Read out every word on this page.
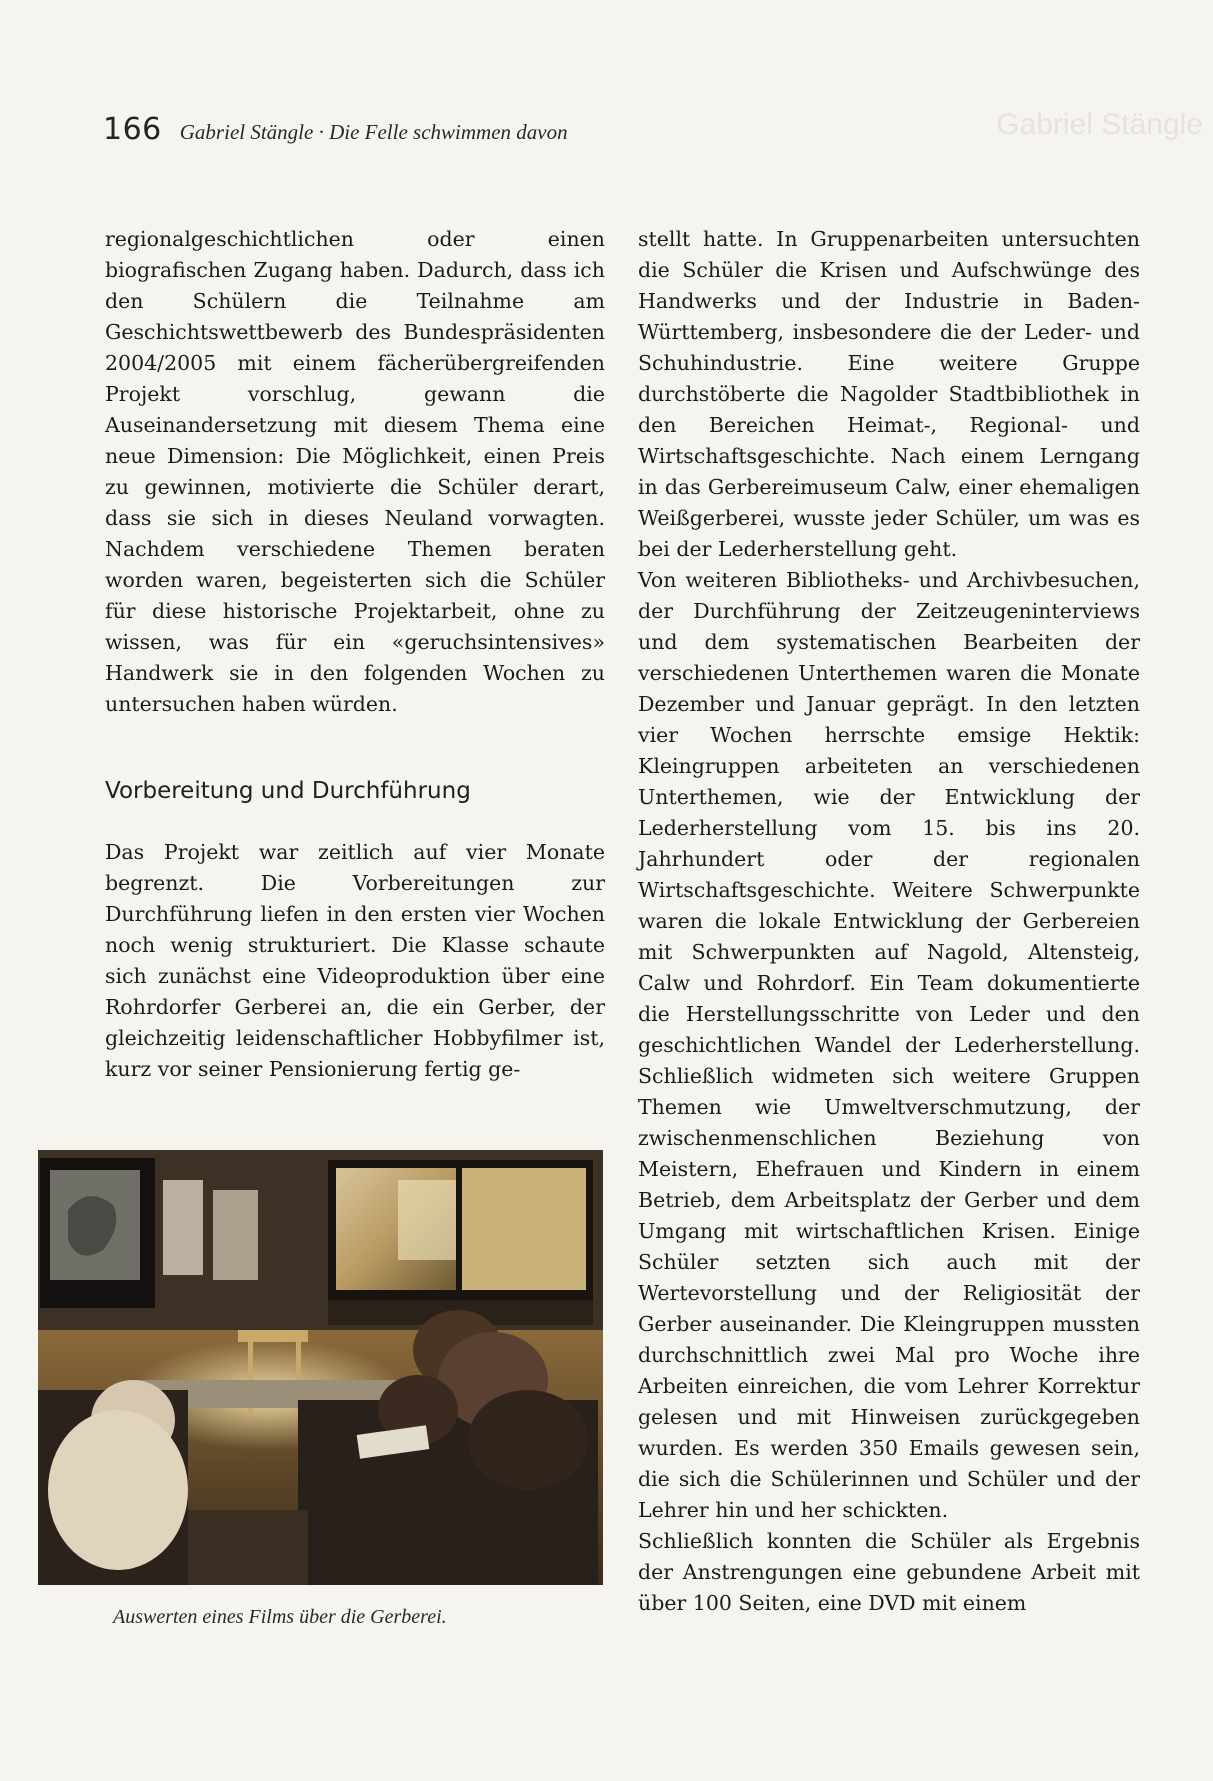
166 Gabriel Stängle · Die Felle schwimmen davon	Gabriel Stängle

regionalgeschichtlichen oder einen biografischen Zugang haben. Dadurch, dass ich den Schülern die Teilnahme am Geschichtswettbewerb des Bundespräsidenten 2004/2005 mit einem fächerübergreifenden Projekt vorschlug, gewann die Auseinandersetzung mit diesem Thema eine neue Dimension: Die Möglichkeit, einen Preis zu gewinnen, motivierte die Schüler derart, dass sie sich in dieses Neuland vorwagten. Nachdem verschiedene Themen beraten worden waren, begeisterten sich die Schüler für diese historische Projektarbeit, ohne zu wissen, was für ein «geruchsintensives» Handwerk sie in den folgenden Wochen zu untersuchen haben würden.

Vorbereitung und Durchführung

Das Projekt war zeitlich auf vier Monate begrenzt. Die Vorbereitungen zur Durchführung liefen in den ersten vier Wochen noch wenig strukturiert. Die Klasse schaute sich zunächst eine Videoproduktion über eine Rohrdorfer Gerberei an, die ein Gerber, der gleichzeitig leidenschaftlicher Hobbyfilmer ist, kurz vor seiner Pensionierung fertig ge-

Auswerten eines Films über die Gerberei.

stellt hatte. In Gruppenarbeiten untersuchten die Schüler die Krisen und Aufschwünge des Handwerks und der Industrie in Baden-Württemberg, insbesondere die der Leder- und Schuhindustrie. Eine weitere Gruppe durchstöberte die Nagolder Stadtbibliothek in den Bereichen Heimat-, Regional- und Wirtschaftsgeschichte. Nach einem Lerngang in das Gerbereimuseum Calw, einer ehemaligen Weißgerberei, wusste jeder Schüler, um was es bei der Lederherstellung geht.

Von weiteren Bibliotheks- und Archivbesuchen, der Durchführung der Zeitzeugeninterviews und dem systematischen Bearbeiten der verschiedenen Unterthemen waren die Monate Dezember und Januar geprägt. In den letzten vier Wochen herrschte emsige Hektik: Kleingruppen arbeiteten an verschiedenen Unterthemen, wie der Entwicklung der Lederherstellung vom 15. bis ins 20. Jahrhundert oder der regionalen Wirtschaftsgeschichte. Weitere Schwerpunkte waren die lokale Entwicklung der Gerbereien mit Schwerpunkten auf Nagold, Altensteig, Calw und Rohrdorf. Ein Team dokumentierte die Herstellungsschritte von Leder und den geschichtlichen Wandel der Lederherstellung. Schließlich widmeten sich weitere Gruppen Themen wie Umweltverschmutzung, der zwischenmenschlichen Beziehung von Meistern, Ehefrauen und Kindern in einem Betrieb, dem Arbeitsplatz der Gerber und dem Umgang mit wirtschaftlichen Krisen. Einige Schüler setzten sich auch mit der Wertevorstellung und der Religiosität der Gerber auseinander. Die Kleingruppen mussten durchschnittlich zwei Mal pro Woche ihre Arbeiten einreichen, die vom Lehrer Korrektur gelesen und mit Hinweisen zurückgegeben wurden. Es werden 350 Emails gewesen sein, die sich die Schülerinnen und Schüler und der Lehrer hin und her schickten.

Schließlich konnten die Schüler als Ergebnis der Anstrengungen eine gebundene Arbeit mit über 100 Seiten, eine DVD mit einem
